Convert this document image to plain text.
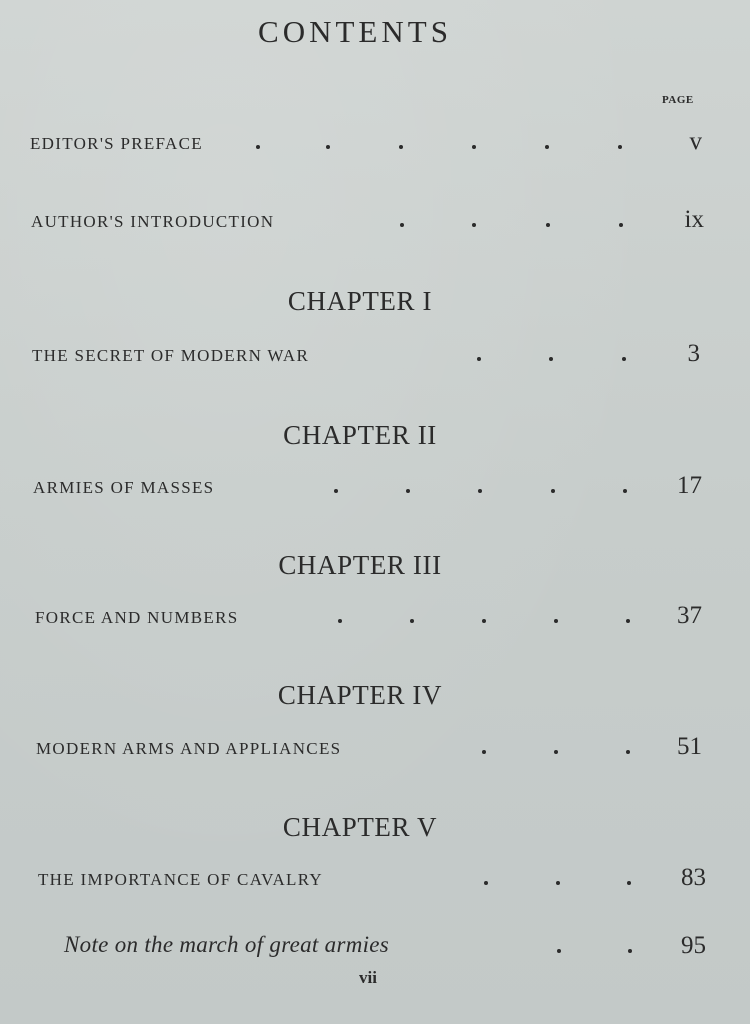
CONTENTS
PAGE
EDITOR'S PREFACE	v
AUTHOR'S INTRODUCTION	ix
CHAPTER I
THE SECRET OF MODERN WAR	3
CHAPTER II
ARMIES OF MASSES	17
CHAPTER III
FORCE AND NUMBERS	37
CHAPTER IV
MODERN ARMS AND APPLIANCES	51
CHAPTER V
THE IMPORTANCE OF CAVALRY	83
Note on the march of great armies	95
vii
